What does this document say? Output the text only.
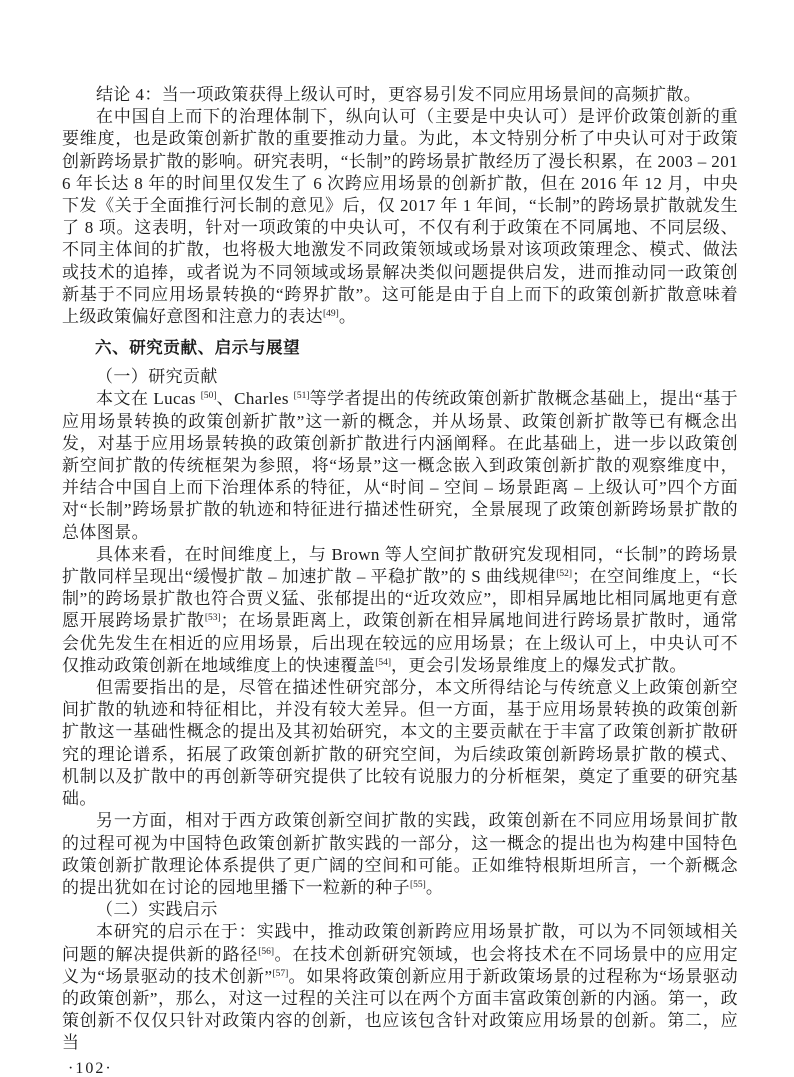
结论 4：当一项政策获得上级认可时，更容易引发不同应用场景间的高频扩散。

在中国自上而下的治理体制下，纵向认可（主要是中央认可）是评价政策创新的重要维度，也是政策创新扩散的重要推动力量。为此，本文特别分析了中央认可对于政策创新跨场景扩散的影响。研究表明，“长制”的跨场景扩散经历了漫长积累，在 2003 – 2016 年长达 8 年的时间里仅发生了 6 次跨应用场景的创新扩散，但在 2016 年 12 月，中央下发《关于全面推行河长制的意见》后，仅 2017 年 1 年间，“长制”的跨场景扩散就发生了 8 项。这表明，针对一项政策的中央认可，不仅有利于政策在不同属地、不同层级、不同主体间的扩散，也将极大地激发不同政策领域或场景对该项政策理念、模式、做法或技术的追捧，或者说为不同领域或场景解决类似问题提供启发，进而推动同一政策创新基于不同应用场景转换的“跨界扩散”。这可能是由于自上而下的政策创新扩散意味着上级政策偏好意图和注意力的表达[49]。

六、研究贡献、启示与展望

（一）研究贡献

本文在 Lucas [50]、Charles [51]等学者提出的传统政策创新扩散概念基础上，提出“基于应用场景转换的政策创新扩散”这一新的概念，并从场景、政策创新扩散等已有概念出发，对基于应用场景转换的政策创新扩散进行内涵阐释。在此基础上，进一步以政策创新空间扩散的传统框架为参照，将“场景”这一概念嵌入到政策创新扩散的观察维度中，并结合中国自上而下治理体系的特征，从“时间 – 空间 – 场景距离 – 上级认可”四个方面对“长制”跨场景扩散的轨迹和特征进行描述性研究，全景展现了政策创新跨场景扩散的总体图景。

具体来看，在时间维度上，与 Brown 等人空间扩散研究发现相同，“长制”的跨场景扩散同样呈现出“缓慢扩散 – 加速扩散 – 平稳扩散”的 S 曲线规律[52]；在空间维度上，“长制”的跨场景扩散也符合贾义猛、张郁提出的“近攻效应”，即相异属地比相同属地更有意愿开展跨场景扩散[53]；在场景距离上，政策创新在相异属地间进行跨场景扩散时，通常会优先发生在相近的应用场景，后出现在较远的应用场景；在上级认可上，中央认可不仅推动政策创新在地域维度上的快速覆盖[54]，更会引发场景维度上的爆发式扩散。

但需要指出的是，尽管在描述性研究部分，本文所得结论与传统意义上政策创新空间扩散的轨迹和特征相比，并没有较大差异。但一方面，基于应用场景转换的政策创新扩散这一基础性概念的提出及其初始研究，本文的主要贡献在于丰富了政策创新扩散研究的理论谱系，拓展了政策创新扩散的研究空间，为后续政策创新跨场景扩散的模式、机制以及扩散中的再创新等研究提供了比较有说服力的分析框架，奠定了重要的研究基础。

另一方面，相对于西方政策创新空间扩散的实践，政策创新在不同应用场景间扩散的过程可视为中国特色政策创新扩散实践的一部分，这一概念的提出也为构建中国特色政策创新扩散理论体系提供了更广阔的空间和可能。正如维特根斯坦所言，一个新概念的提出犹如在讨论的园地里播下一粒新的种子[55]。

（二）实践启示

本研究的启示在于：实践中，推动政策创新跨应用场景扩散，可以为不同领域相关问题的解决提供新的路径[56]。在技术创新研究领域，也会将技术在不同场景中的应用定义为“场景驱动的技术创新”[57]。如果将政策创新应用于新政策场景的过程称为“场景驱动的政策创新”，那么，对这一过程的关注可以在两个方面丰富政策创新的内涵。第一，政策创新不仅仅只针对政策内容的创新，也应该包含针对政策应用场景的创新。第二，应当

·102·
